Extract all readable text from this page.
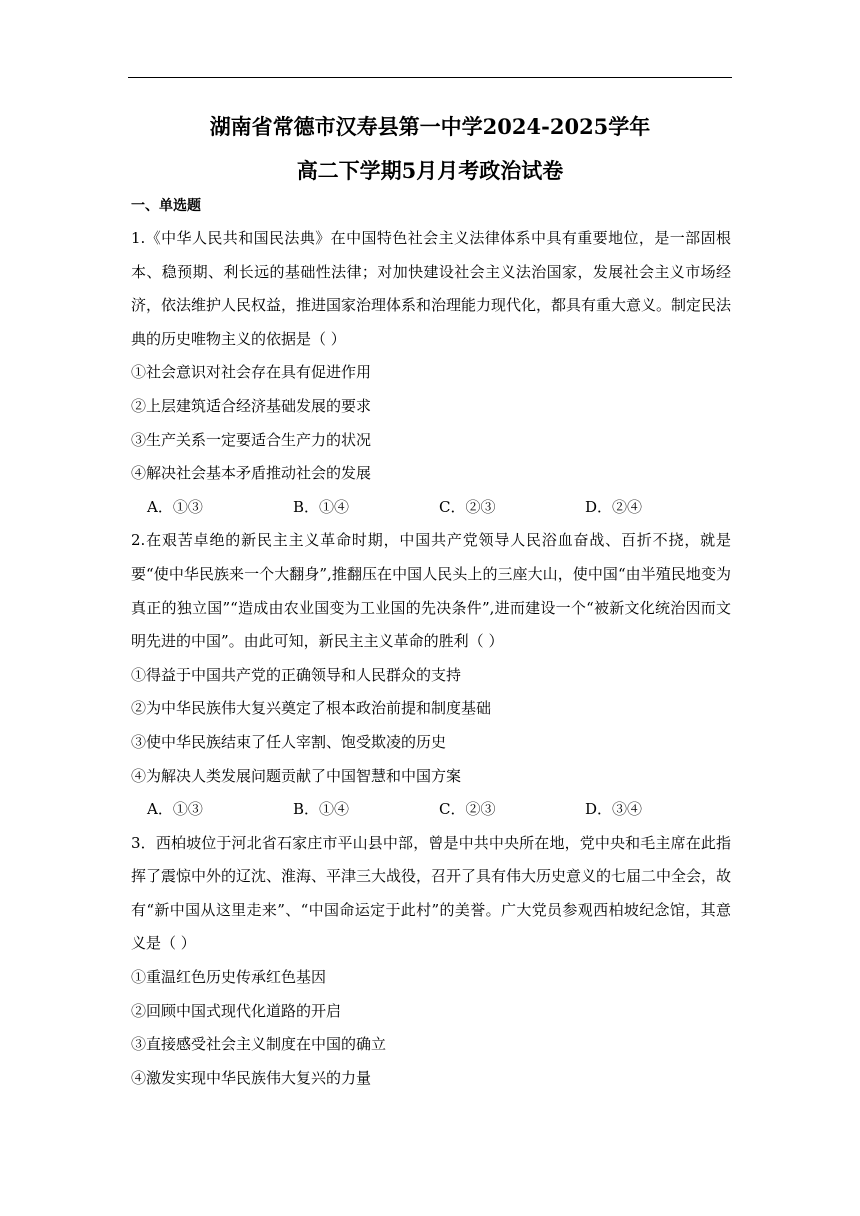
湖南省常德市汉寿县第一中学2024-2025学年
高二下学期5月月考政治试卷
一、单选题
1.《中华人民共和国民法典》在中国特色社会主义法律体系中具有重要地位，是一部固根本、稳预期、利长远的基础性法律；对加快建设社会主义法治国家，发展社会主义市场经济，依法维护人民权益，推进国家治理体系和治理能力现代化，都具有重大意义。制定民法典的历史唯物主义的依据是（ ）
①社会意识对社会存在具有促进作用
②上层建筑适合经济基础发展的要求
③生产关系一定要适合生产力的状况
④解决社会基本矛盾推动社会的发展
A．①③	B．①④	C．②③	D．②④
2.在艰苦卓绝的新民主主义革命时期，中国共产党领导人民浴血奋战、百折不挠，就是要“使中华民族来一个大翻身”,推翻压在中国人民头上的三座大山，使中国“由半殖民地变为真正的独立国”“造成由农业国变为工业国的先决条件”,进而建设一个“被新文化统治因而文明先进的中国”。由此可知，新民主主义革命的胜利（ ）
①得益于中国共产党的正确领导和人民群众的支持
②为中华民族伟大复兴奠定了根本政治前提和制度基础
③使中华民族结束了任人宰割、饱受欺凌的历史
④为解决人类发展问题贡献了中国智慧和中国方案
A．①③	B．①④	C．②③	D．③④
3．西柏坡位于河北省石家庄市平山县中部，曾是中共中央所在地，党中央和毛主席在此指挥了震惊中外的辽沈、淮海、平津三大战役，召开了具有伟大历史意义的七届二中全会，故有“新中国从这里走来”、“中国命运定于此村”的美誉。广大党员参观西柏坡纪念馆，其意义是（ ）
①重温红色历史传承红色基因
②回顾中国式现代化道路的开启
③直接感受社会主义制度在中国的确立
④激发实现中华民族伟大复兴的力量
